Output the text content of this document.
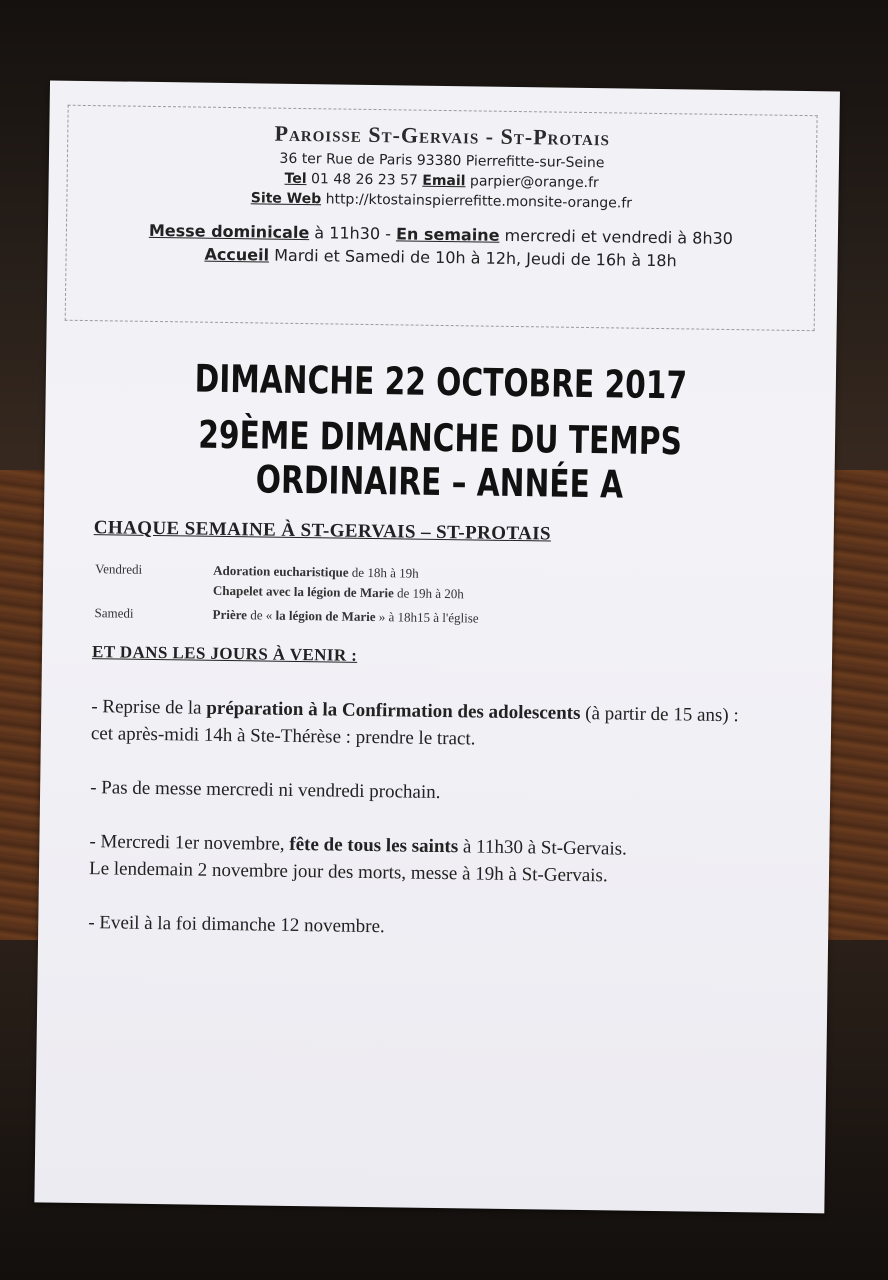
Paroisse St-Gervais - St-Protais
36 ter Rue de Paris 93380 Pierrefitte-sur-Seine
Tel 01 48 26 23 57 Email parpier@orange.fr
Site Web http://ktostainspierrefitte.monsite-orange.fr
Messe dominicale à 11h30 - En semaine mercredi et vendredi à 8h30
Accueil Mardi et Samedi de 10h à 12h, Jeudi de 16h à 18h
DIMANCHE 22 OCTOBRE 2017
29ÈME DIMANCHE DU TEMPS ORDINAIRE – ANNÉE A
CHAQUE SEMAINE À ST-GERVAIS – ST-PROTAIS
Vendredi	Adoration eucharistique de 18h à 19h
Chapelet avec la légion de Marie de 19h à 20h
Samedi	Prière de « la légion de Marie » à 18h15 à l'église
ET DANS LES JOURS À VENIR :

- Reprise de la préparation à la Confirmation des adolescents (à partir de 15 ans) : cet après-midi 14h à Ste-Thérèse : prendre le tract.

- Pas de messe mercredi ni vendredi prochain.

- Mercredi 1er novembre, fête de tous les saints à 11h30 à St-Gervais.

Le lendemain 2 novembre jour des morts, messe à 19h à St-Gervais.

- Eveil à la foi dimanche 12 novembre.
